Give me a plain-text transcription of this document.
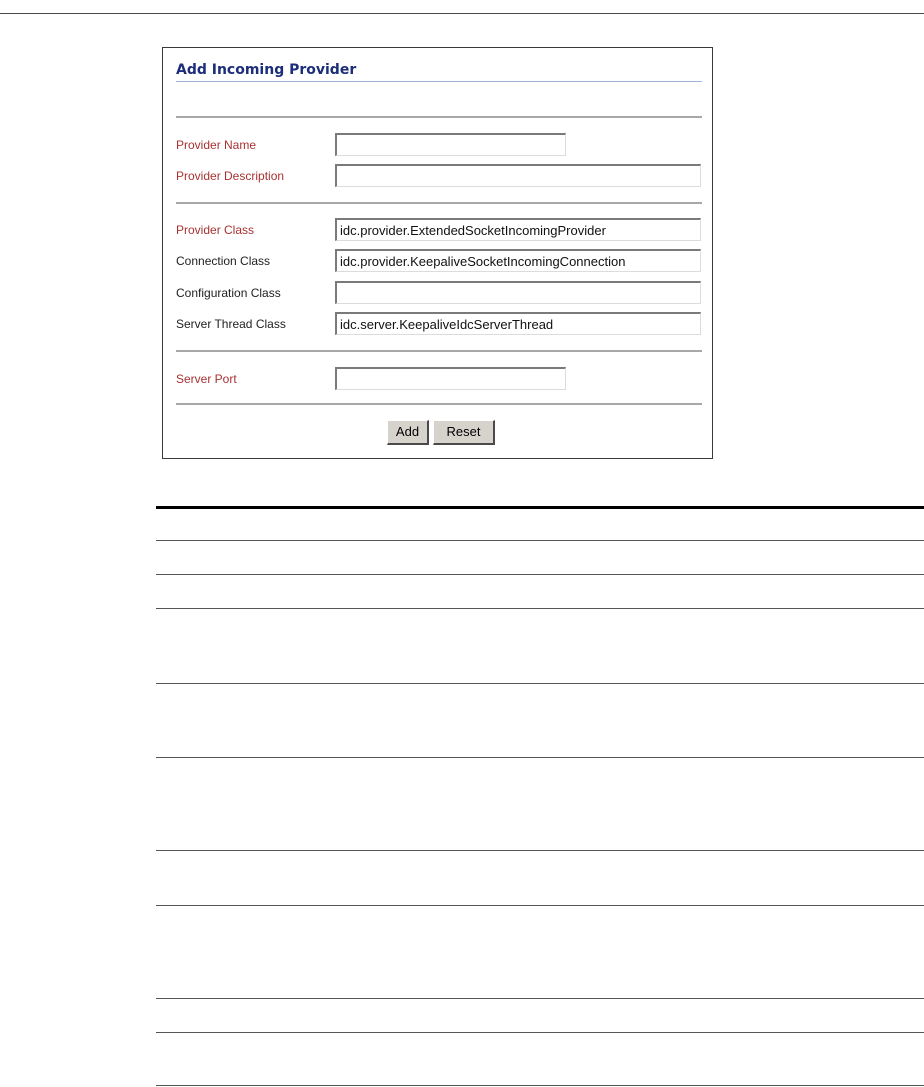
Add Incoming Provider
Provider Name
Provider Description
Provider Class	idc.provider.ExtendedSocketIncomingProvider
Connection Class	idc.provider.KeepaliveSocketIncomingConnection
Configuration Class
Server Thread Class	idc.server.KeepaliveIdcServerThread
Server Port
Add	Reset
